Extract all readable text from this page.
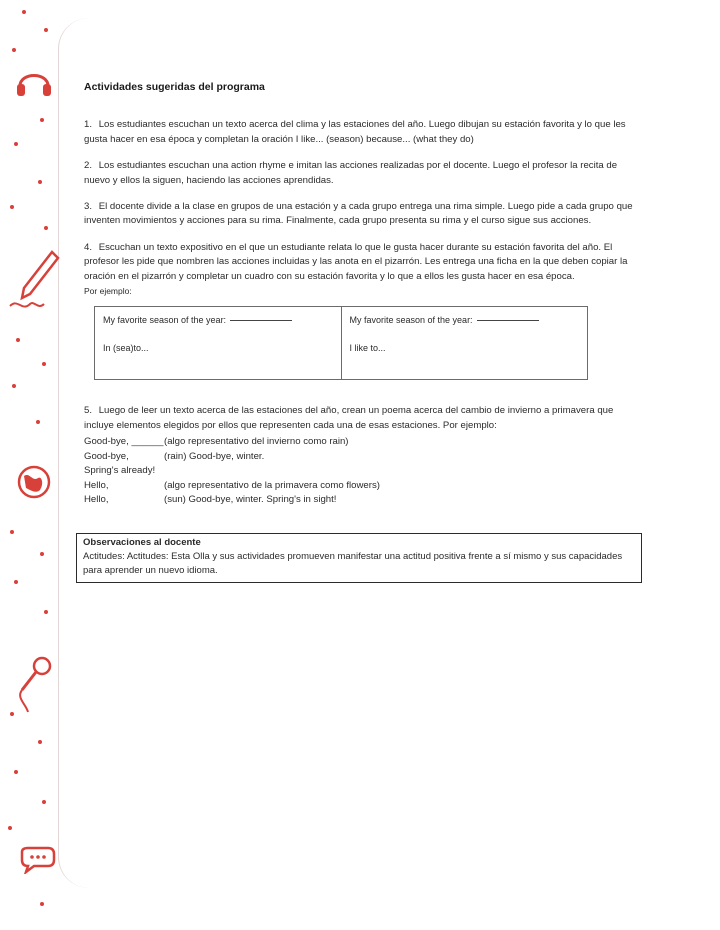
Actividades sugeridas del programa

1. Los estudiantes escuchan un texto acerca del clima y las estaciones del año. Luego dibujan su estación favorita y lo que les gusta hacer en esa época y completan la oración I like... (season) because... (what they do)

2. Los estudiantes escuchan una action rhyme e imitan las acciones realizadas por el docente. Luego el profesor la recita de nuevo y ellos la siguen, haciendo las acciones aprendidas.

3. El docente divide a la clase en grupos de una estación y a cada grupo entrega una rima simple. Luego pide a cada grupo que inventen movimientos y acciones para su rima. Finalmente, cada grupo presenta su rima y el curso sigue sus acciones.

4. Escuchan un texto expositivo en el que un estudiante relata lo que le gusta hacer durante su estación favorita del año. El profesor les pide que nombren las acciones incluidas y las anota en el pizarrón. Les entrega una ficha en la que deben copiar la oración en el pizarrón y completar un cuadro con su estación favorita y lo que a ellos les gusta hacer en esa época.

Por ejemplo:
My favorite season of the year:
In (sea)to...
My favorite season of the year:
I like to...

5. Luego de leer un texto acerca de las estaciones del año, crean un poema acerca del cambio de invierno a primavera que incluye elementos elegidos por ellos que representen cada una de esas estaciones. Por ejemplo:

Good-bye, ______ (algo representativo del invierno como rain)
Good-bye,	(rain) Good-bye, winter.
Spring's already!
Hello,	(algo representativo de la primavera como flowers)
Hello,	(sun) Good-bye, winter. Spring's in sight!
Observaciones al docente
Actitudes: Actitudes: Esta Olla y sus actividades promueven manifestar una actitud positiva frente a sí mismo y sus capacidades para aprender un nuevo idioma.
